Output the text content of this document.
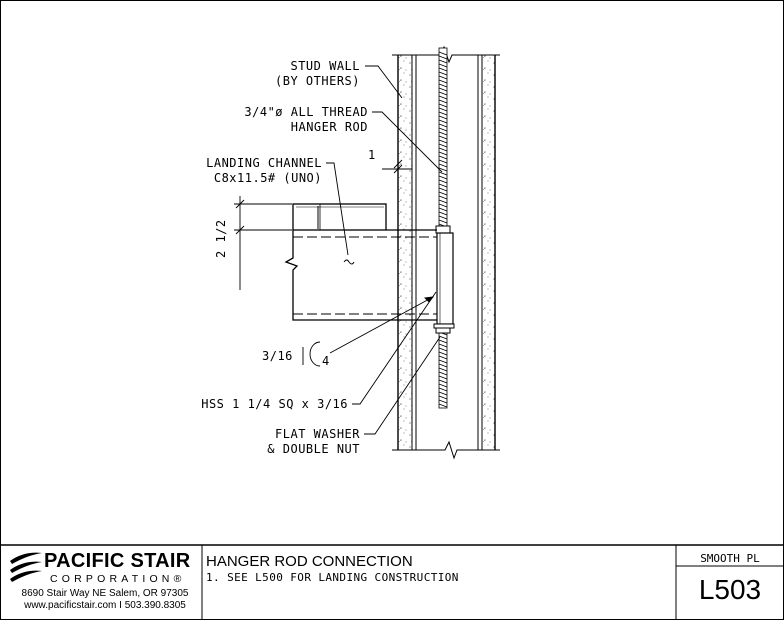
STUD WALL
(BY OTHERS)
3/4"ø ALL THREAD
HANGER ROD
LANDING CHANNEL
C8x11.5# (UNO)
1
2 1/2
3/16 4
HSS 1 1/4 SQ x 3/16
FLAT WASHER
& DOUBLE NUT
PACIFIC STAIR
CORPORATION®
8690 Stair Way NE Salem, OR 97305
www.pacificstair.com I 503.390.8305
HANGER ROD CONNECTION
1. SEE L500 FOR LANDING CONSTRUCTION
SMOOTH PL
L503
